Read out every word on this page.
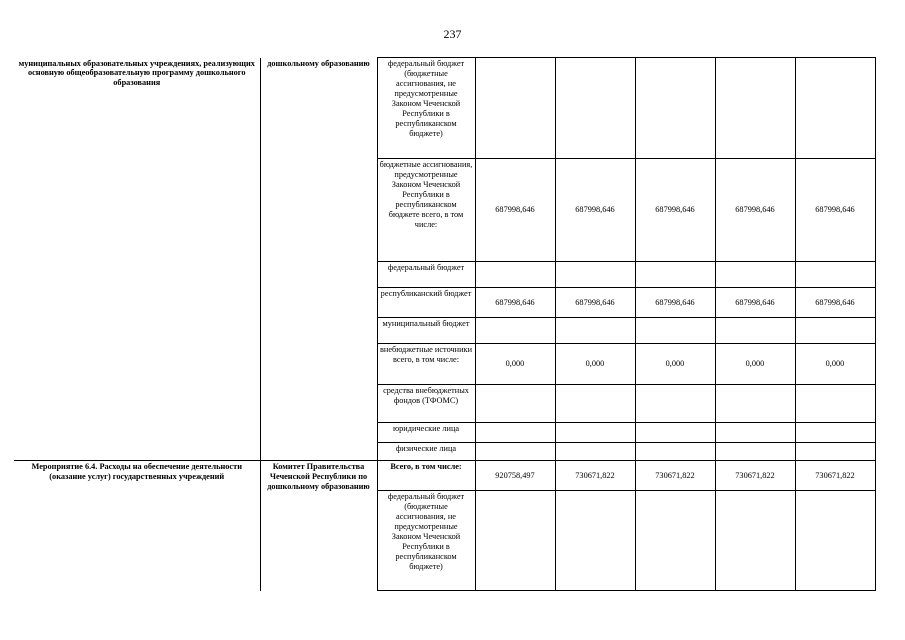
237
муниципальных образовательных учреждениях, реализующих основную общеобразовательную программу дошкольного образования	дошкольному образованию	федеральный бюджет (бюджетные ассигнования, не предусмотренные Законом Чеченской Республики в республиканском бюджете)					
		бюджетные ассигнования, предусмотренные Законом Чеченской Республики в республиканском бюджете всего, в том числе:	687998,646	687998,646	687998,646	687998,646	687998,646
		федеральный бюджет					
		республиканский бюджет	687998,646	687998,646	687998,646	687998,646	687998,646
		муниципальный бюджет					
		внебюджетные источники всего, в том числе:	0,000	0,000	0,000	0,000	0,000
		средства внебюджетных фондов (ТФОМС)					
		юридические лица					
		физические лица					
Мероприятие 6.4. Расходы на обеспечение деятельности (оказание услуг) государственных учреждений	Комитет Правительства Чеченской Республики по дошкольному образованию	Всего, в том числе:	920758,497	730671,822	730671,822	730671,822	730671,822
		федеральный бюджет (бюджетные ассигнования, не предусмотренные Законом Чеченской Республики в республиканском бюджете)					
